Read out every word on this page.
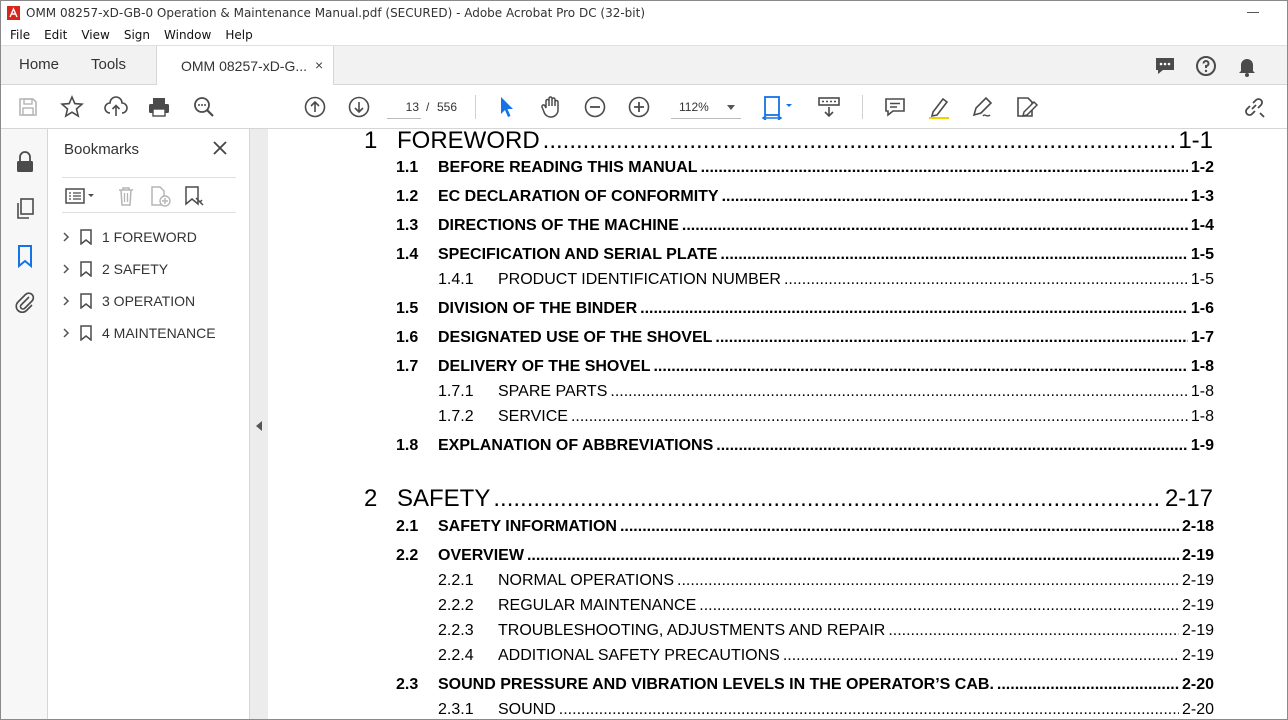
OMM 08257-xD-GB-0 Operation & Maintenance Manual.pdf (SECURED) - Adobe Acrobat Pro DC (32-bit)
File	Edit	View	Sign	Window	Help
Home Tools	OMM 08257-xD-G... ×
13 / 556	112%
Bookmarks
1 FOREWORD
2 SAFETY
3 OPERATION
4 MAINTENANCE
1 FOREWORD .....	1-1
1.1	BEFORE READING THIS MANUAL .....	1-2
1.2	EC DECLARATION OF CONFORMITY .....	1-3
1.3	DIRECTIONS OF THE MACHINE .....	1-4
1.4	SPECIFICATION AND SERIAL PLATE .....	1-5
1.4.1	PRODUCT IDENTIFICATION NUMBER .....	1-5
1.5	DIVISION OF THE BINDER .....	1-6
1.6	DESIGNATED USE OF THE SHOVEL .....	1-7
1.7	DELIVERY OF THE SHOVEL .....	1-8
1.7.1	SPARE PARTS .....	1-8
1.7.2	SERVICE .....	1-8
1.8	EXPLANATION OF ABBREVIATIONS .....	1-9
2 SAFETY .....	2-17
2.1	SAFETY INFORMATION .....	2-18
2.2	OVERVIEW .....	2-19
2.2.1	NORMAL OPERATIONS .....	2-19
2.2.2	REGULAR MAINTENANCE .....	2-19
2.2.3	TROUBLESHOOTING, ADJUSTMENTS AND REPAIR .....	2-19
2.2.4	ADDITIONAL SAFETY PRECAUTIONS .....	2-19
2.3	SOUND PRESSURE AND VIBRATION LEVELS IN THE OPERATOR’S CAB. .....	2-20
2.3.1	SOUND .....	2-20
